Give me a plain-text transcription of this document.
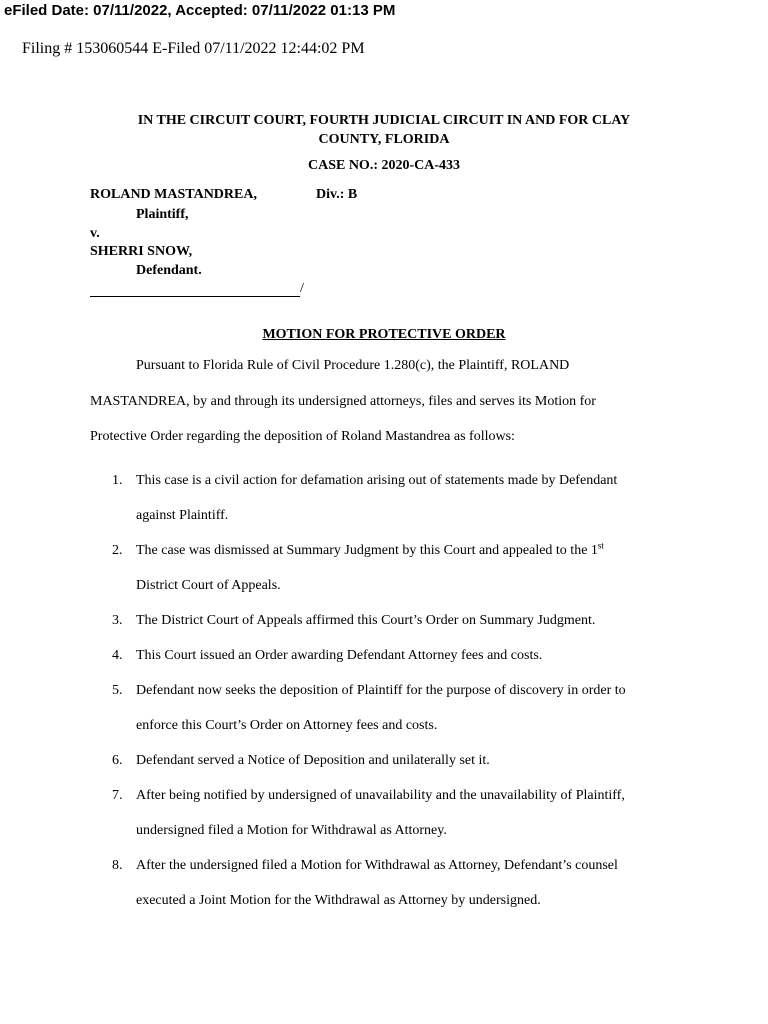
eFiled Date: 07/11/2022, Accepted: 07/11/2022 01:13 PM
Filing # 153060544 E-Filed 07/11/2022 12:44:02 PM
IN THE CIRCUIT COURT, FOURTH JUDICIAL CIRCUIT IN AND FOR CLAY
COUNTY, FLORIDA
CASE NO.: 2020-CA-433
ROLAND MASTANDREA,	Div.: B
Plaintiff,
v.
SHERRI SNOW,
Defendant.
/
MOTION FOR PROTECTIVE ORDER
Pursuant to Florida Rule of Civil Procedure 1.280(c), the Plaintiff, ROLAND
MASTANDREA, by and through its undersigned attorneys, files and serves its Motion for
Protective Order regarding the deposition of Roland Mastandrea as follows:
1. This case is a civil action for defamation arising out of statements made by Defendant
against Plaintiff.
2. The case was dismissed at Summary Judgment by this Court and appealed to the 1st
District Court of Appeals.
3. The District Court of Appeals affirmed this Court’s Order on Summary Judgment.
4. This Court issued an Order awarding Defendant Attorney fees and costs.
5. Defendant now seeks the deposition of Plaintiff for the purpose of discovery in order to
enforce this Court’s Order on Attorney fees and costs.
6. Defendant served a Notice of Deposition and unilaterally set it.
7. After being notified by undersigned of unavailability and the unavailability of Plaintiff,
undersigned filed a Motion for Withdrawal as Attorney.
8. After the undersigned filed a Motion for Withdrawal as Attorney, Defendant’s counsel
executed a Joint Motion for the Withdrawal as Attorney by undersigned.
